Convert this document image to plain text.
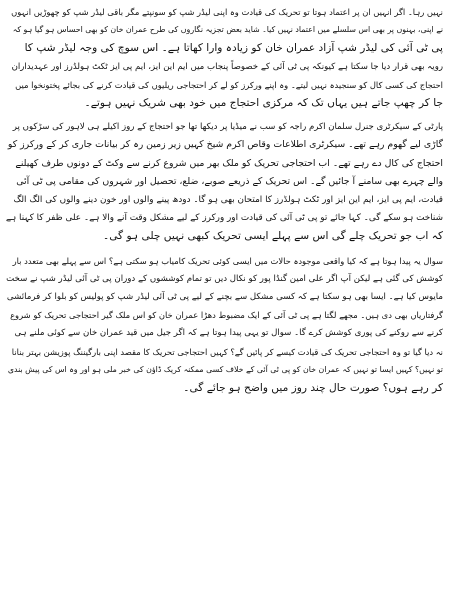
نہیں رہا۔ اگر انہیں ان پر اعتماد ہوتا تو تحریک کی قیادت وہ اپنی لیڈر شپ کو سونپتے مگر باقی لیڈر شپ کو چھوڑیں انہوں
نے اپنی، بہنوں پر بھی اس سلسلے میں اعتماد نہیں کیا۔ شاید بعض تجزیہ نگاروں کی طرح عمران خان کو بھی احساس ہو گیا ہو کہ
پی ٹی آئی کی لیڈر شپ آزاد عمران خان کو زیادہ وارا کھاتا ہے۔ اس سوچ کی وجہ لیڈر شپ کا
رویہ بھی قرار دیا جا سکتا ہے کیونکہ پی ٹی آئی کے خصوصاً پنجاب میں ایم این ایز، ایم پی ایز ٹکٹ ہولڈرز اور عہدیداران
احتجاج کی کسی کال کو سنجیدہ نہیں لیتے۔ وہ اپنے ورکرز کو لے کر احتجاجی ریلیوں کی قیادت کرنے کی بجائے پختونخوا میں
جا کر چھپ جاتے ہیں یہاں تک کہ مرکزی احتجاج میں خود بھی شریک نہیں ہوتے۔
پارٹی کے سیکرٹری جنرل سلمان اکرم راجہ کو سب نے میڈیا پر دیکھا تھا جو احتجاج کے روز اکیلے ہی لاہور کی سڑکوں پر
گاڑی لیے گھوم رہے تھے۔ سیکرٹری اطلاعات وقاص اکرم شیخ کہیں زیر زمین رہ کر بیانات جاری کر کے ورکرز کو
احتجاج کی کال دے رہے تھے۔ اب احتجاجی تحریک کو ملک بھر میں شروع کرنے سے وکٹ کے دونوں طرف کھیلنے
والے چہرے بھی سامنے آ جائیں گے۔ اس تحریک کے ذریعے صوبے، ضلع، تحصیل اور شہروں کی مقامی پی ٹی آئی
قیادت، ایم پی ایز، ایم این ایز اور ٹکٹ ہولڈرز کا امتحان بھی ہو گا۔ دودھ پینے والوں اور خون دینے والوں کی الگ الگ
شناخت ہو سکے گی۔ کہا جائے تو پی ٹی آئی کی قیادت اور ورکرز کے لیے مشکل وقت آنے والا ہے۔ علی ظفر کا کہنا ہے
کہ اب جو تحریک چلے گی اس سے پہلے ایسی تحریک کبھی نہیں چلی ہو گی۔
سوال یہ پیدا ہوتا ہے کہ کیا واقعی موجودہ حالات میں ایسی کوئی تحریک کامیاب ہو سکتی ہے؟ اس سے پہلے بھی متعدد بار
کوشش کی گئی ہے لیکن آپ اگر علی امین گنڈا پور کو نکال دیں تو تمام کوششوں کے دوران پی ٹی آئی لیڈر شپ نے سخت
مایوس کیا ہے۔ ایسا بھی ہو سکتا ہے کہ کسی مشکل سے بچنے کے لیے پی ٹی آئی لیڈر شپ کو پولیس کو بلوا کر فرمائشی
گرفتاریاں بھی دی ہیں۔ مجھے لگتا ہے پی ٹی آئی کے ایک مضبوط دھڑا عمران خان کو اس ملک گیر احتجاجی تحریک کو شروع
کرنے سے روکنے کی پوری کوشش کرے گا۔ سوال تو یہی پیدا ہوتا ہے کہ اگر جیل میں قید عمران خان سے کوئی ملنے ہی
نہ دیا گیا تو وہ احتجاجی تحریک کی قیادت کیسے کر پائیں گے؟ کہیں احتجاجی تحریک کا مقصد اپنی بارگیننگ پوزیشن بہتر بنانا
تو نہیں؟ کہیں ایسا تو نہیں کہ عمران خان کو پی ٹی آئی کے خلاف کسی ممکنہ کریک ڈاؤن کی خبر ملی ہو اور وہ اس کی پیش بندی
کر رہے ہوں؟ صورت حال چند روز میں واضح ہو جائے گی۔
